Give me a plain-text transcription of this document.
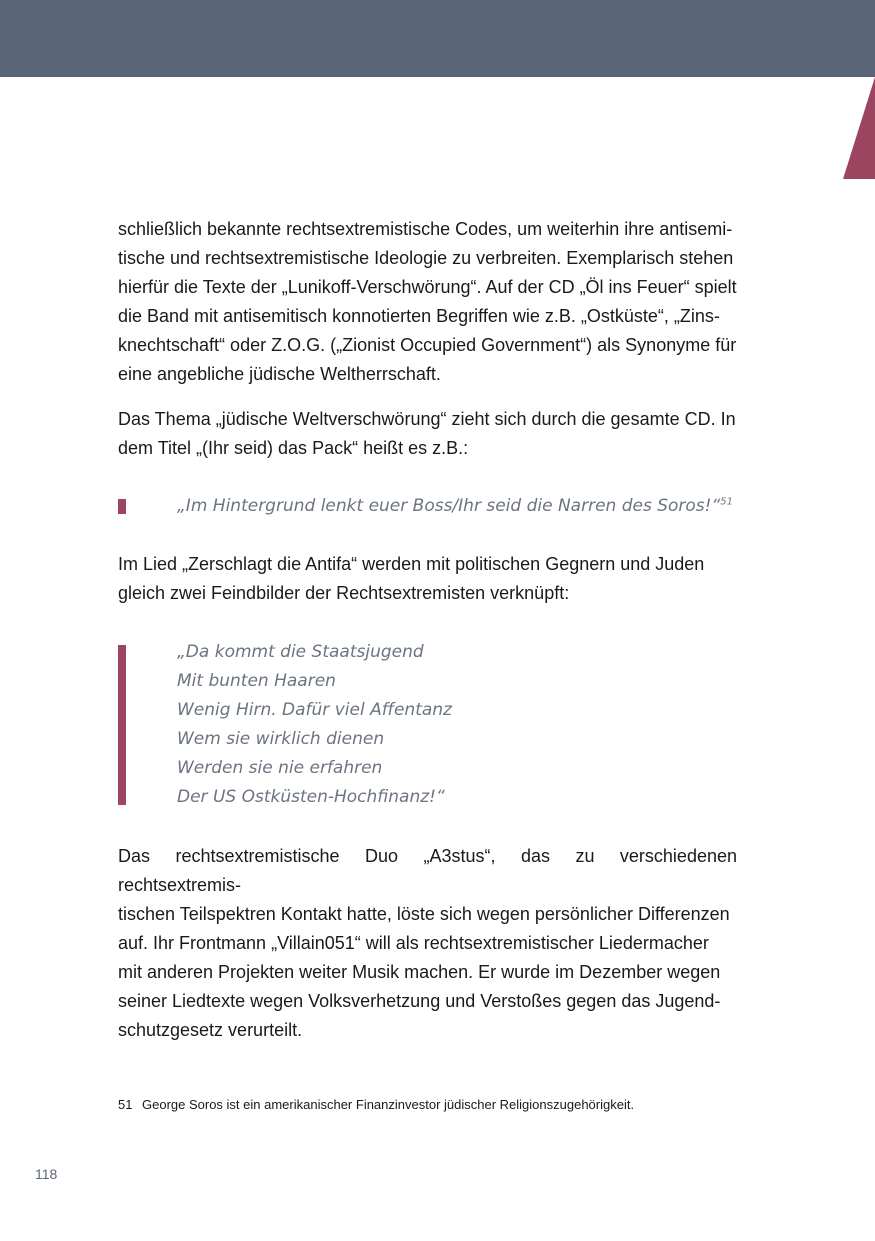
schließlich bekannte rechtsextremistische Codes, um weiterhin ihre antisemi-
tische und rechtsextremistische Ideologie zu verbreiten. Exemplarisch stehen
hierfür die Texte der „Lunikoff-Verschwörung“. Auf der CD „Öl ins Feuer“ spielt
die Band mit antisemitisch konnotierten Begriffen wie z.B. „Ostküste“, „Zins-
knechtschaft“ oder Z.O.G. („Zionist Occupied Government“) als Synonyme für
eine angebliche jüdische Weltherrschaft.
Das Thema „jüdische Weltverschwörung“ zieht sich durch die gesamte CD. In
dem Titel „(Ihr seid) das Pack“ heißt es z.B.:

„Im Hintergrund lenkt euer Boss/Ihr seid die Narren des Soros!“$^{51}$

Im Lied „Zerschlagt die Antifa“ werden mit politischen Gegnern und Juden
gleich zwei Feindbilder der Rechtsextremisten verknüpft:

„Da kommt die Staatsjugend
Mit bunten Haaren
Wenig Hirn. Dafür viel Affentanz
Wem sie wirklich dienen
Werden sie nie erfahren
Der US Ostküsten-Hochfinanz!“

Das rechtsextremistische Duo „A3stus“, das zu verschiedenen rechtsextremis-
tischen Teilspektren Kontakt hatte, löste sich wegen persönlicher Differenzen
auf. Ihr Frontmann „Villain051“ will als rechtsextremistischer Liedermacher
mit anderen Projekten weiter Musik machen. Er wurde im Dezember wegen
seiner Liedtexte wegen Volksverhetzung und Verstoßes gegen das Jugend-
schutzgesetz verurteilt.

51 George Soros ist ein amerikanischer Finanzinvestor jüdischer Religionszugehörigkeit.

118
